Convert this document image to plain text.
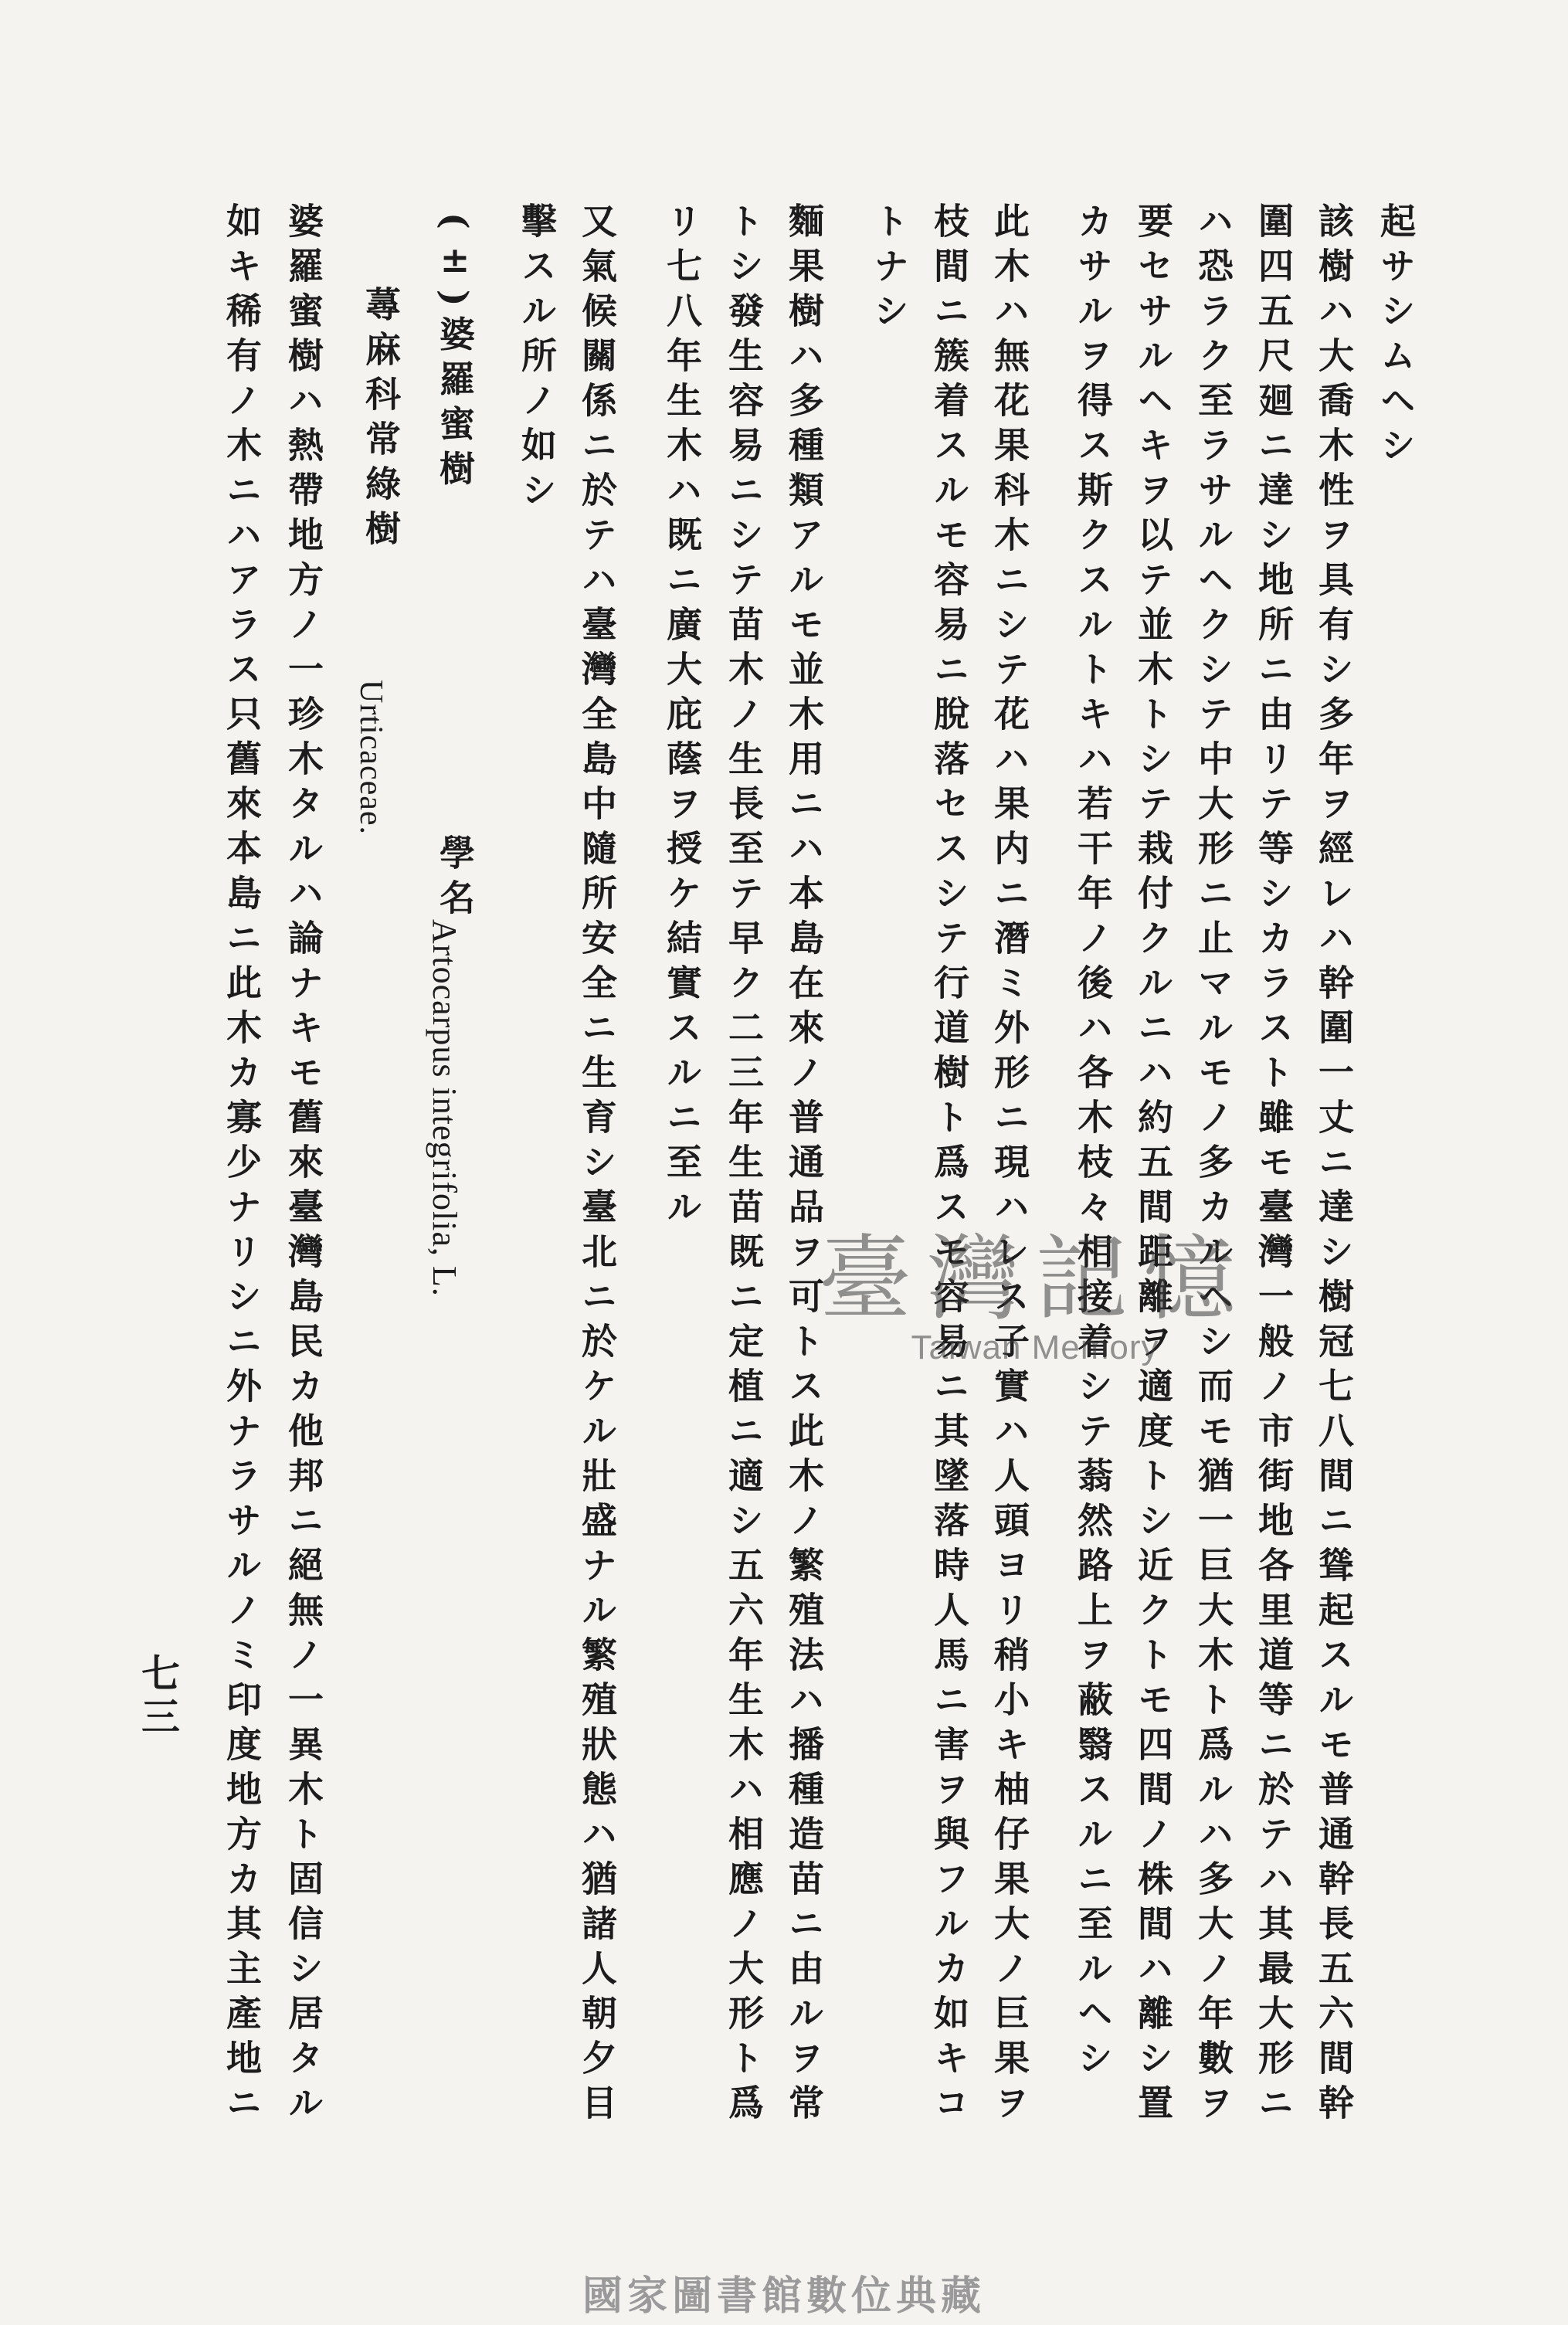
起サシムヘシ
該樹ハ大喬木性ヲ具有シ多年ヲ經レハ幹圍一丈ニ達シ樹冠七八間ニ聳起スルモ普通幹長五六間幹
圍四五尺廻ニ達シ地所ニ由リテ等シカラスト雖モ臺灣一般ノ市街地各里道等ニ於テハ其最大形ニ
ハ恐ラク至ラサルヘクシテ中大形ニ止マルモノ多カルヘシ而モ猶一巨大木ト爲ルハ多大ノ年數ヲ
要セサルヘキヲ以テ並木トシテ栽付クルニハ約五間距離ヲ適度トシ近クトモ四間ノ株間ハ離シ置
カサルヲ得ス斯クスルトキハ若干年ノ後ハ各木枝々相接着シテ蓊然路上ヲ蔽翳スルニ至ルヘシ
此木ハ無花果科木ニシテ花ハ果内ニ潛ミ外形ニ現ハレス子實ハ人頭ヨリ稍小キ柚仔果大ノ巨果ヲ
枝間ニ簇着スルモ容易ニ脫落セスシテ行道樹ト爲スモ容易ニ其墜落時人馬ニ害ヲ與フルカ如キコ
トナシ
麵果樹ハ多種類アルモ並木用ニハ本島在來ノ普通品ヲ可トス此木ノ繁殖法ハ播種造苗ニ由ルヲ常
トシ發生容易ニシテ苗木ノ生長至テ早ク二三年生苗既ニ定植ニ適シ五六年生木ハ相應ノ大形ト爲
リ七八年生木ハ既ニ廣大庇蔭ヲ授ケ結實スルニ至ル
又氣候關係ニ於テハ臺灣全島中隨所安全ニ生育シ臺北ニ於ケル壯盛ナル繁殖狀態ハ猶諸人朝夕目
擊スル所ノ如シ
(±)婆羅蜜樹
學名
Artocarpus integrifolia, L.
蕁麻科常綠樹
Urticaceae.
婆羅蜜樹ハ熱帶地方ノ一珍木タルハ論ナキモ舊來臺灣島民カ他邦ニ絕無ノ一異木ト固信シ居タル
如キ稀有ノ木ニハアラス只舊來本島ニ此木カ寡少ナリシニ外ナラサルノミ印度地方カ其主產地ニ
七三
臺灣記憶
Taiwan Memory
國家圖書館數位典藏
